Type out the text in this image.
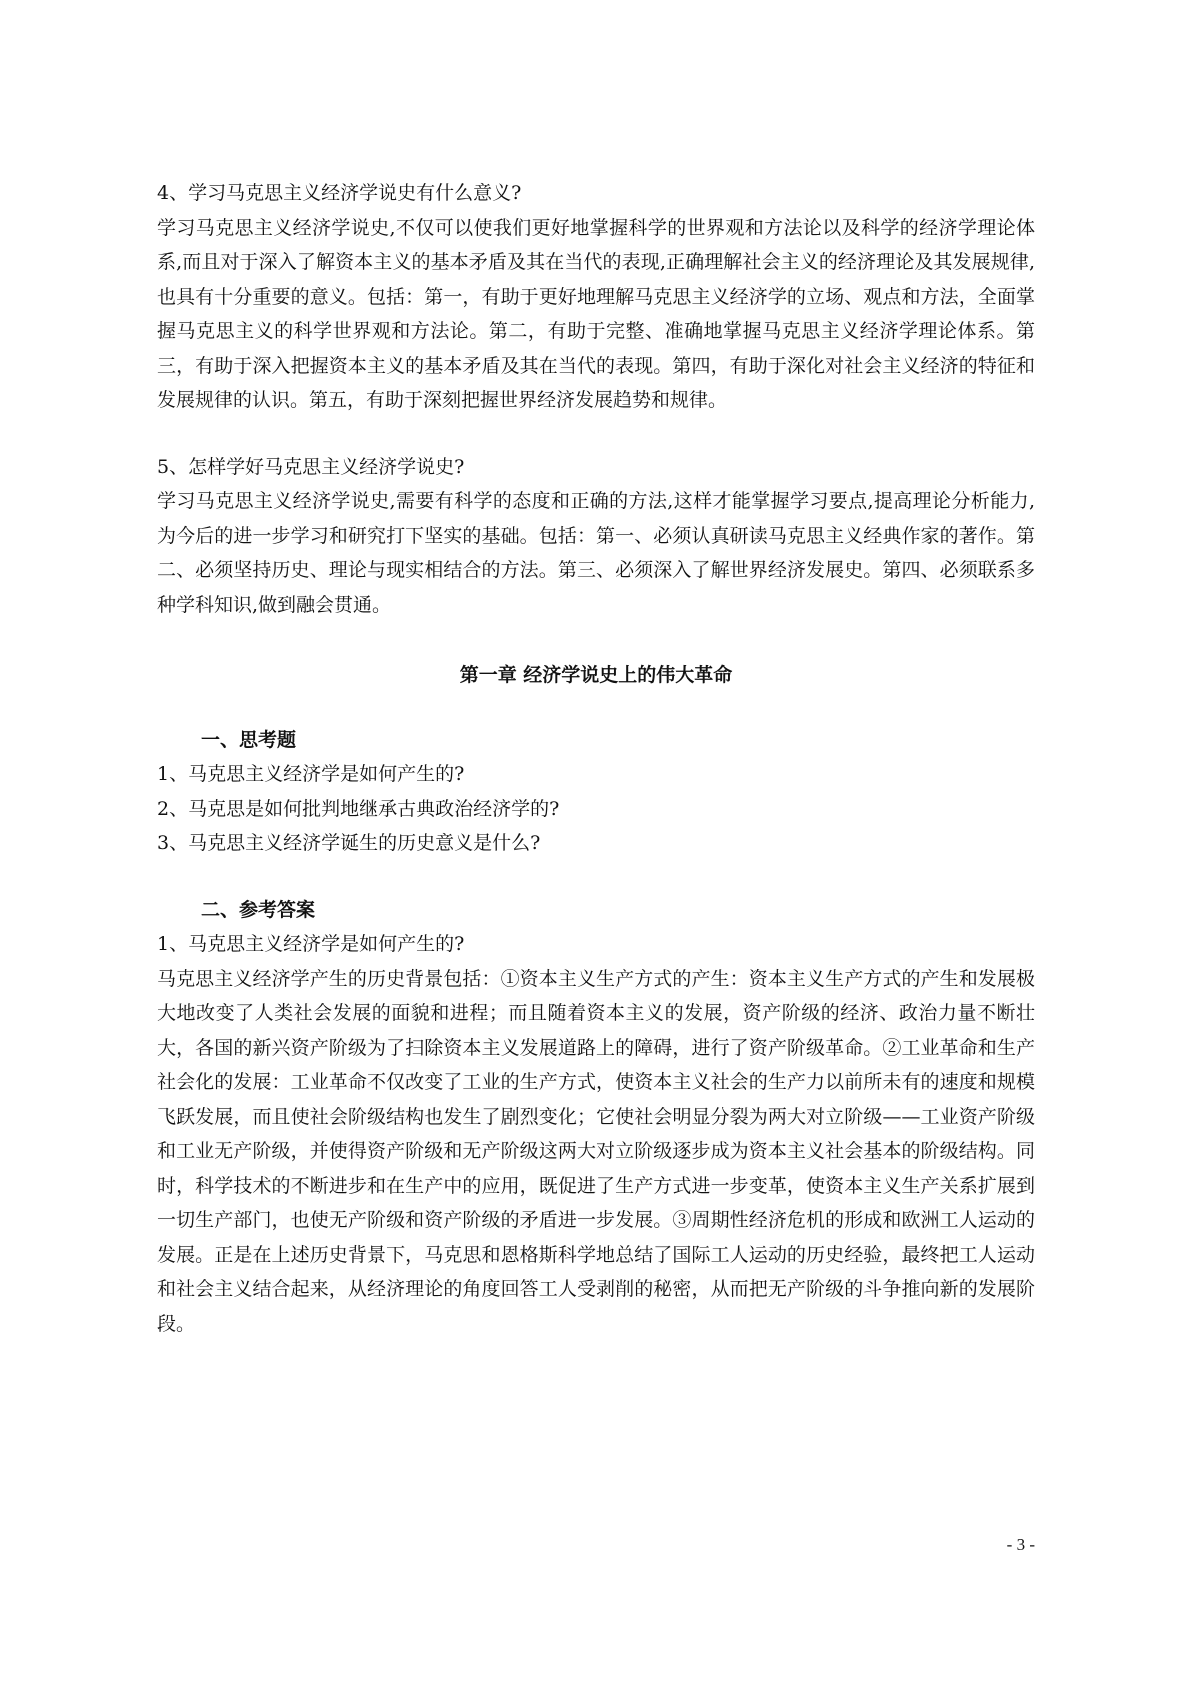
4、学习马克思主义经济学说史有什么意义?

学习马克思主义经济学说史,不仅可以使我们更好地掌握科学的世界观和方法论以及科学的经济学理论体系,而且对于深入了解资本主义的基本矛盾及其在当代的表现,正确理解社会主义的经济理论及其发展规律,也具有十分重要的意义。包括：第一，有助于更好地理解马克思主义经济学的立场、观点和方法，全面掌握马克思主义的科学世界观和方法论。第二，有助于完整、准确地掌握马克思主义经济学理论体系。第三，有助于深入把握资本主义的基本矛盾及其在当代的表现。第四，有助于深化对社会主义经济的特征和发展规律的认识。第五，有助于深刻把握世界经济发展趋势和规律。

5、怎样学好马克思主义经济学说史?

学习马克思主义经济学说史,需要有科学的态度和正确的方法,这样才能掌握学习要点,提高理论分析能力,为今后的进一步学习和研究打下坚实的基础。包括：第一、必须认真研读马克思主义经典作家的著作。第二、必须坚持历史、理论与现实相结合的方法。第三、必须深入了解世界经济发展史。第四、必须联系多种学科知识,做到融会贯通。

第一章 经济学说史上的伟大革命

一、思考题

1、马克思主义经济学是如何产生的?

2、马克思是如何批判地继承古典政治经济学的?

3、马克思主义经济学诞生的历史意义是什么?

二、参考答案

1、马克思主义经济学是如何产生的?

马克思主义经济学产生的历史背景包括：①资本主义生产方式的产生：资本主义生产方式的产生和发展极大地改变了人类社会发展的面貌和进程；而且随着资本主义的发展，资产阶级的经济、政治力量不断壮大，各国的新兴资产阶级为了扫除资本主义发展道路上的障碍，进行了资产阶级革命。②工业革命和生产社会化的发展：工业革命不仅改变了工业的生产方式，使资本主义社会的生产力以前所未有的速度和规模飞跃发展，而且使社会阶级结构也发生了剧烈变化；它使社会明显分裂为两大对立阶级——工业资产阶级和工业无产阶级，并使得资产阶级和无产阶级这两大对立阶级逐步成为资本主义社会基本的阶级结构。同时，科学技术的不断进步和在生产中的应用，既促进了生产方式进一步变革，使资本主义生产关系扩展到一切生产部门，也使无产阶级和资产阶级的矛盾进一步发展。③周期性经济危机的形成和欧洲工人运动的发展。正是在上述历史背景下，马克思和恩格斯科学地总结了国际工人运动的历史经验，最终把工人运动和社会主义结合起来，从经济理论的角度回答工人受剥削的秘密，从而把无产阶级的斗争推向新的发展阶段。

- 3 -
